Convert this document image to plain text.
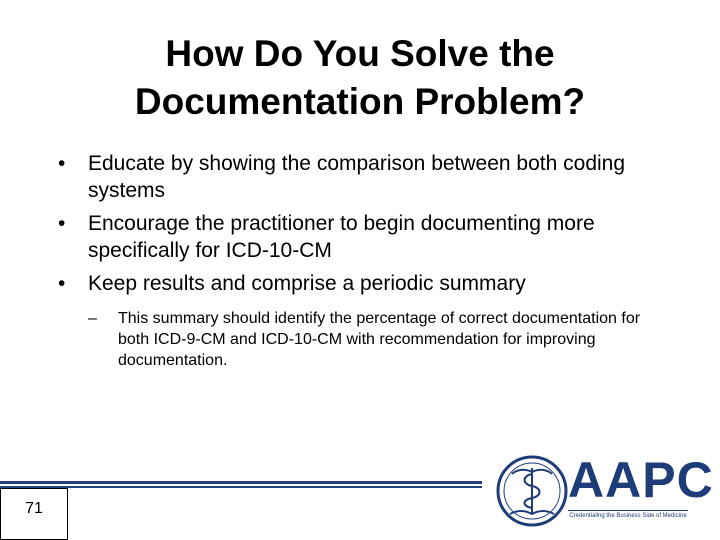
How Do You Solve the
Documentation Problem?
•	Educate by showing the comparison between both coding systems
•	Encourage the practitioner to begin documenting more specifically for ICD-10-CM
•	Keep results and comprise a periodic summary
– This summary should identify the percentage of correct documentation for both ICD-9-CM and ICD-10-CM with recommendation for improving documentation.
71
AAPC
Credentialing the Business Side of Medicine
